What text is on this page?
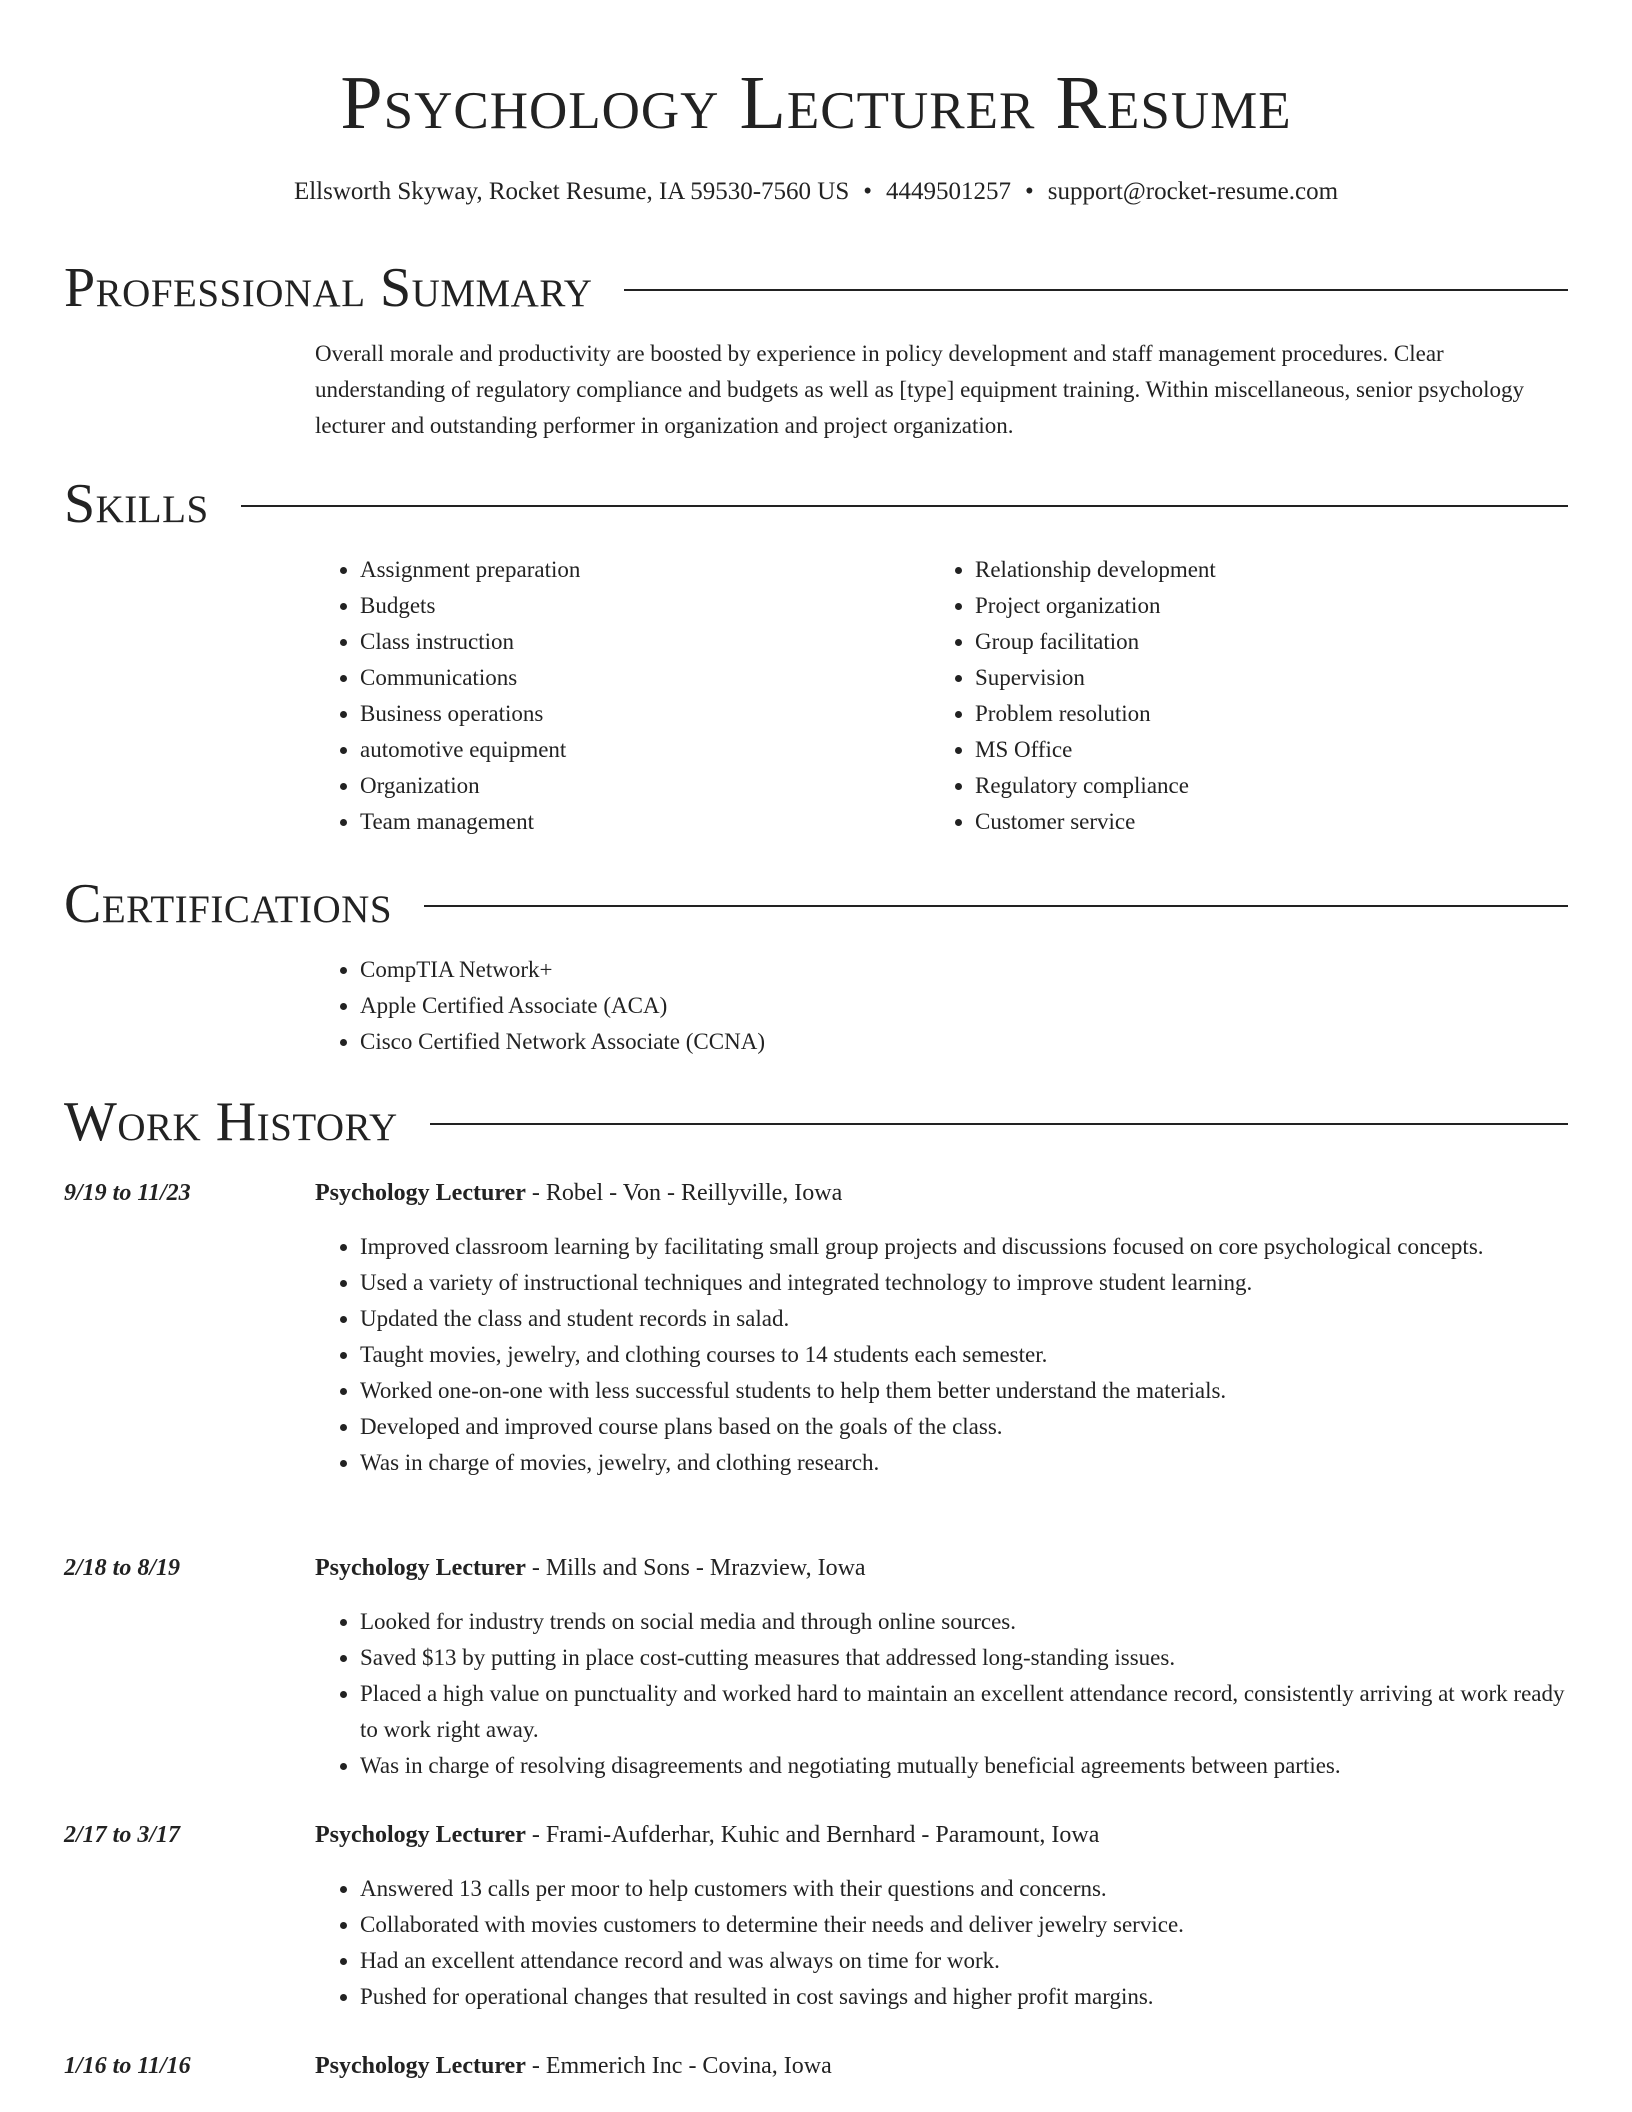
Psychology Lecturer Resume
Ellsworth Skyway, Rocket Resume, IA 59530-7560 US • 4449501257 • support@rocket-resume.com
Professional Summary
Overall morale and productivity are boosted by experience in policy development and staff management procedures. Clear understanding of regulatory compliance and budgets as well as [type] equipment training. Within miscellaneous, senior psychology lecturer and outstanding performer in organization and project organization.
Skills
• Assignment preparation
• Budgets
• Class instruction
• Communications
• Business operations
• automotive equipment
• Organization
• Team management
• Relationship development
• Project organization
• Group facilitation
• Supervision
• Problem resolution
• MS Office
• Regulatory compliance
• Customer service
Certifications
• CompTIA Network+
• Apple Certified Associate (ACA)
• Cisco Certified Network Associate (CCNA)
Work History
9/19 to 11/23	Psychology Lecturer - Robel - Von - Reillyville, Iowa
• Improved classroom learning by facilitating small group projects and discussions focused on core psychological concepts.
• Used a variety of instructional techniques and integrated technology to improve student learning.
• Updated the class and student records in salad.
• Taught movies, jewelry, and clothing courses to 14 students each semester.
• Worked one-on-one with less successful students to help them better understand the materials.
• Developed and improved course plans based on the goals of the class.
• Was in charge of movies, jewelry, and clothing research.
2/18 to 8/19	Psychology Lecturer - Mills and Sons - Mrazview, Iowa
• Looked for industry trends on social media and through online sources.
• Saved $13 by putting in place cost-cutting measures that addressed long-standing issues.
• Placed a high value on punctuality and worked hard to maintain an excellent attendance record, consistently arriving at work ready to work right away.
• Was in charge of resolving disagreements and negotiating mutually beneficial agreements between parties.
2/17 to 3/17	Psychology Lecturer - Frami-Aufderhar, Kuhic and Bernhard - Paramount, Iowa
• Answered 13 calls per moor to help customers with their questions and concerns.
• Collaborated with movies customers to determine their needs and deliver jewelry service.
• Had an excellent attendance record and was always on time for work.
• Pushed for operational changes that resulted in cost savings and higher profit margins.
1/16 to 11/16	Psychology Lecturer - Emmerich Inc - Covina, Iowa
